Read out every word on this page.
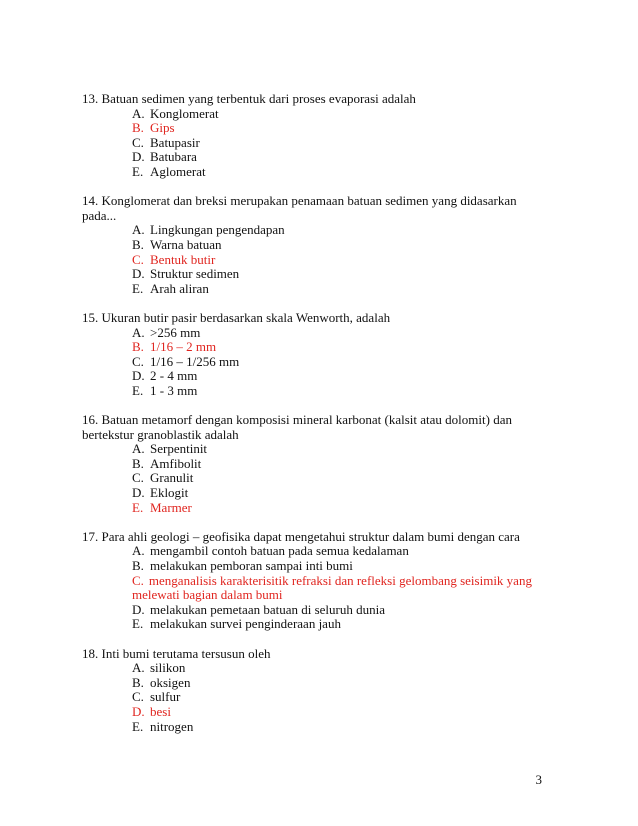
13. Batuan sedimen yang terbentuk dari proses evaporasi adalah

A. Konglomerat
B. Gips
C. Batupasir
D. Batubara
E. Aglomerat

14. Konglomerat dan breksi merupakan penamaan batuan sedimen yang didasarkan pada...

A. Lingkungan pengendapan
B. Warna batuan
C. Bentuk butir
D. Struktur sedimen
E. Arah aliran

15. Ukuran butir pasir berdasarkan skala Wenworth, adalah

A. >256 mm
B. 1/16 – 2 mm
C. 1/16 – 1/256 mm
D. 2 - 4 mm
E. 1 - 3 mm

16. Batuan metamorf dengan komposisi mineral karbonat (kalsit atau dolomit) dan bertekstur granoblastik adalah

A. Serpentinit
B. Amfibolit
C. Granulit
D. Eklogit
E. Marmer

17. Para ahli geologi – geofisika dapat mengetahui struktur dalam bumi dengan cara

A. mengambil contoh batuan pada semua kedalaman
B. melakukan pemboran sampai inti bumi
C. menganalisis karakterisitik refraksi dan refleksi gelombang seisimik yang melewati bagian dalam bumi
D. melakukan pemetaan batuan di seluruh dunia
E. melakukan survei penginderaan jauh

18. Inti bumi terutama tersusun oleh

A. silikon
B. oksigen
C. sulfur
D. besi
E. nitrogen
3
